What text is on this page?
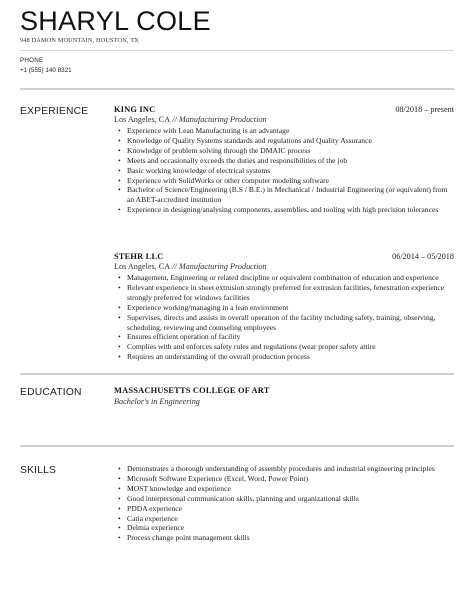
SHARYL COLE
948 DAMON MOUNTAIN, HOUSTON, TX
PHONE
+1 (555) 140 8321
EXPERIENCE	KING INC	08/2018 – present
Los Angeles, CA // Manufacturing Production
• Experience with Lean Manufacturing is an advantage
• Knowledge of Quality Systems standards and regulations and Quality Assurance
• Knowledge of problem solving through the DMAIC process
• Meets and occasionally exceeds the duties and responsibilities of the job
• Basic working knowledge of electrical systems
• Experience with SolidWorks or other computer modeling software
• Bachelor of Science/Engineering (B.S / B.E.) in Mechanical / Industrial Engineering (or equivalent) from an ABET-accredited institution
• Experience in designing/analysing components, assemblies, and tooling with high precision tolerances
STEHR LLC	06/2014 – 05/2018
Los Angeles, CA // Manufacturing Production
• Management, Engineering or related discipline or equivalent combination of education and experience
• Relevant experience in sheet extrusion strongly preferred for extrusion facilities, fenestration experience strongly preferred for windows facilities
• Experience working/managing in a lean environment
• Supervises, directs and assists in overall operation of the facility including safety, training, observing, scheduling, reviewing and counseling employees
• Ensures efficient operation of facility
• Complies with and enforces safety rules and regulations (wear proper safety attire
• Requires an understanding of the overall production process
EDUCATION	MASSACHUSETTS COLLEGE OF ART
Bachelor's in Engineering
SKILLS
•	Demonstrates a thorough understanding of assembly procedures and industrial engineering principles
• Microsoft Software Experience (Excel, Word, Power Point)
• MOST knowledge and experience
• Good interpersonal communication skills, planning and organizational skills
• PDDA experience
• Catia experience
• Delmia experience
• Process change point management skills
